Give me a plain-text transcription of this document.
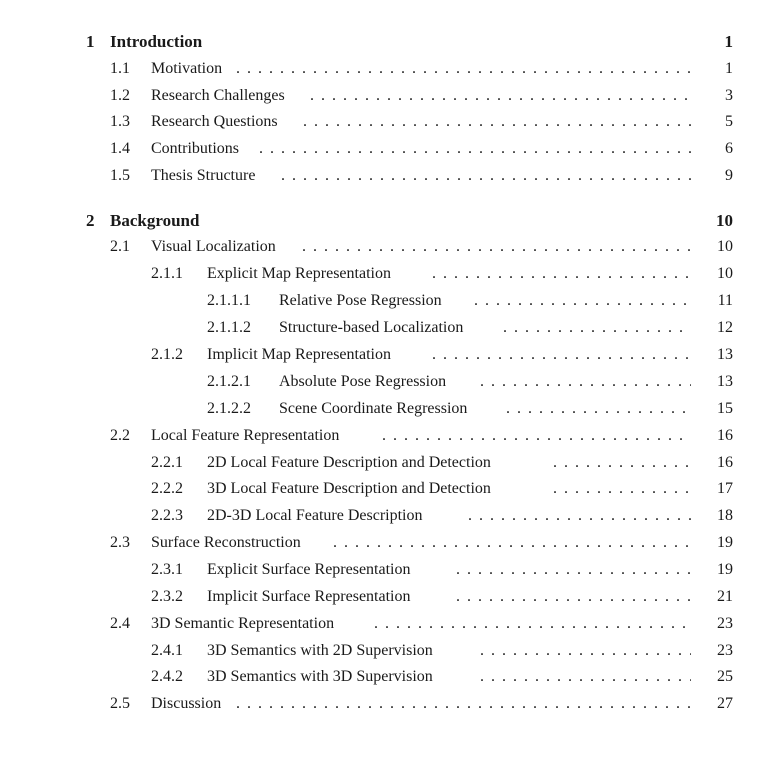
1 Introduction	1
1.1 . . . Motivation	1
1.2 . . . Research Challenges	3
1.3 . . . Research Questions	5
1.4 . . . Contributions	6
1.5 . . . Thesis Structure	9
2 Background	10
2.1 . . . Visual Localization	10
2.1.1 . . . Explicit Map Representation	10
2.1.1.1 . . . Relative Pose Regression	11
2.1.1.2 . . . Structure-based Localization	12
2.1.2 . . . Implicit Map Representation	13
2.1.2.1 . . . Absolute Pose Regression	13
2.1.2.2 . . . Scene Coordinate Regression	15
2.2 . . . Local Feature Representation	16
2.2.1 . . . 2D Local Feature Description and Detection	16
2.2.2 . . . 3D Local Feature Description and Detection	17
2.2.3 . . . 2D-3D Local Feature Description	18
2.3 . . . Surface Reconstruction	19
2.3.1 . . . Explicit Surface Representation	19
2.3.2 . . . Implicit Surface Representation	21
2.4 . . . 3D Semantic Representation	23
2.4.1 . . . 3D Semantics with 2D Supervision	23
2.4.2 . . . 3D Semantics with 3D Supervision	25
2.5 . . . Discussion	27
